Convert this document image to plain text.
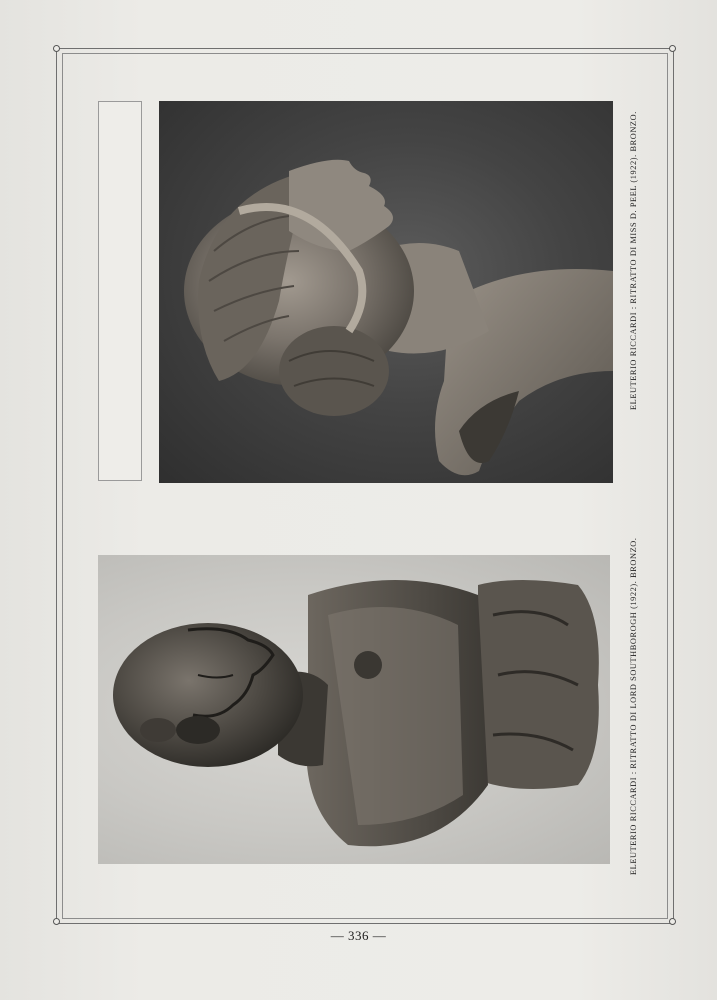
ELEUTERIO RICCARDI : RITRATTO DI MISS D. PEEL (1922). BRONZO.
ELEUTERIO RICCARDI : RITRATTO DI LORD SOUTHBOROGH (1922). BRONZO.
— 336 —
